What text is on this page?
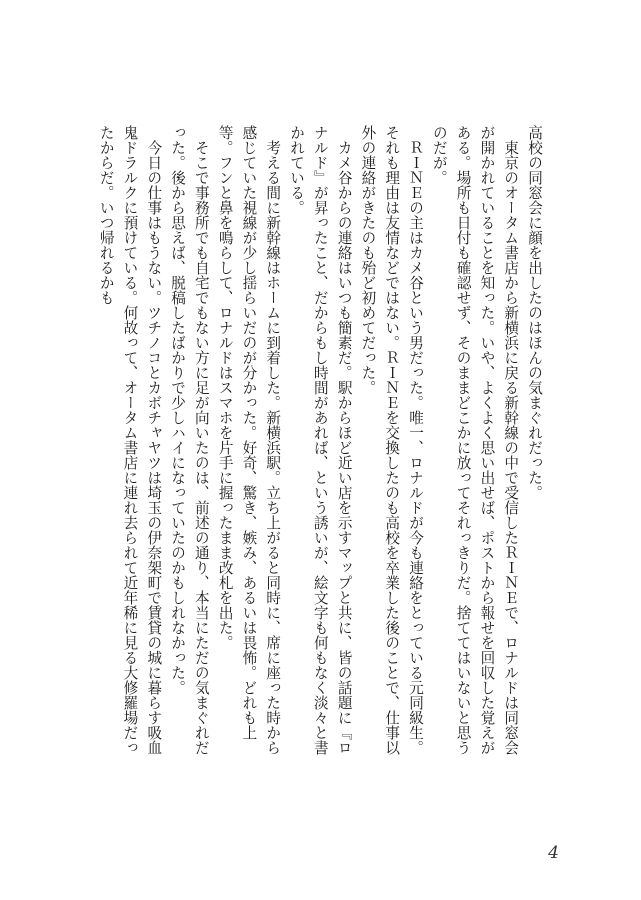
高校の同窓会に顔を出したのはほんの気まぐれだった。

東京のオータム書店から新横浜に戻る新幹線の中で受信したＲＩＮＥで、ロナルドは同窓会が開かれていることを知った。いや、よくよく思い出せば、ポストから報せを回収した覚えがある。場所も日付も確認せず、そのままどこかに放ってそれっきりだ。捨ててはいないと思うのだが。

ＲＩＮＥの主はカメ谷という男だった。唯一、ロナルドが今も連絡をとっている元同級生。それも理由は友情などではない。ＲＩＮＥを交換したのも高校を卒業した後のことで、仕事以外の連絡がきたのも殆ど初めてだった。

カメ谷からの連絡はいつも簡素だ。駅からほど近い店を示すマップと共に、皆の話題に『ロナルド』が昇ったこと、だからもし時間があれば、という誘いが、絵文字も何もなく淡々と書かれている。

考える間に新幹線はホームに到着した。新横浜駅。立ち上がると同時に、席に座った時から感じていた視線が少し揺らいだのが分かった。好奇、驚き、嫉み、あるいは畏怖。どれも上等。フンと鼻を鳴らして、ロナルドはスマホを片手に握ったまま改札を出た。

そこで事務所でも自宅でもない方に足が向いたのは、前述の通り、本当にただの気まぐれだった。後から思えば、脱稿したばかりで少しハイになっていたのかもしれなかった。

今日の仕事はもうない。ツチノコとカボチャヤツは埼玉の伊奈架町で賃貸の城に暮らす吸血鬼ドラルクに預けている。何故って、オータム書店に連れ去られて近年稀に見る大修羅場だったからだ。いつ帰れるかも

4
